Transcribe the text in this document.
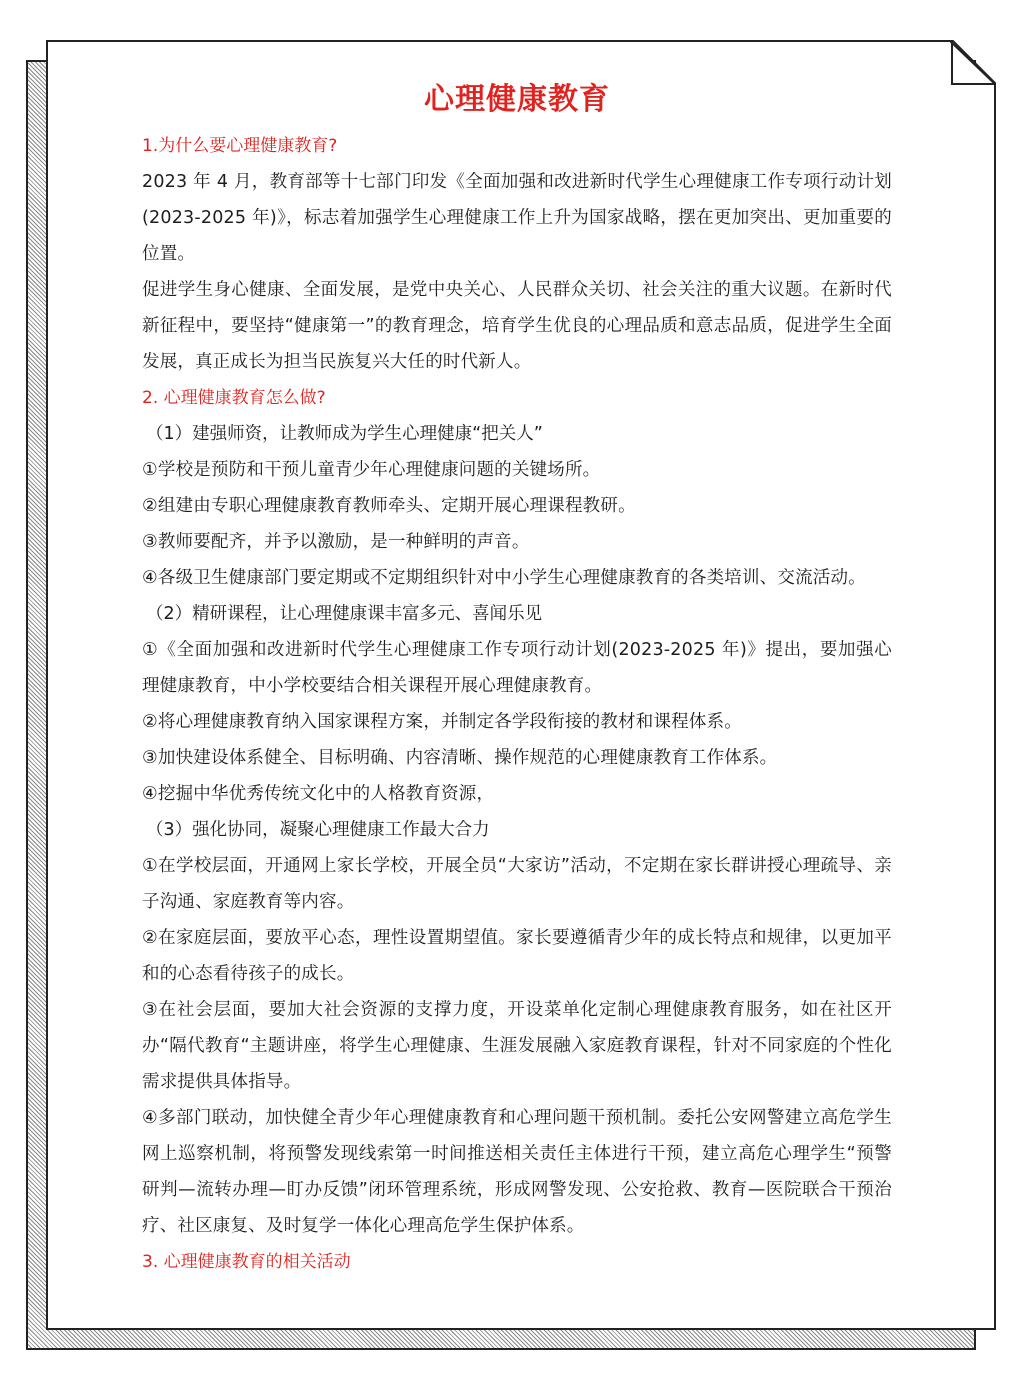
心理健康教育

1.为什么要心理健康教育?

2023 年 4 月，教育部等十七部门印发《全面加强和改进新时代学生心理健康工作专项行动计划(2023-2025 年)》，标志着加强学生心理健康工作上升为国家战略，摆在更加突出、更加重要的位置。

促进学生身心健康、全面发展，是党中央关心、人民群众关切、社会关注的重大议题。在新时代新征程中，要坚持“健康第一”的教育理念，培育学生优良的心理品质和意志品质，促进学生全面发展，真正成长为担当民族复兴大任的时代新人。

2. 心理健康教育怎么做?

（1）建强师资，让教师成为学生心理健康“把关人”

①学校是预防和干预儿童青少年心理健康问题的关键场所。

②组建由专职心理健康教育教师牵头、定期开展心理课程教研。

③教师要配齐，并予以激励，是一种鲜明的声音。

④各级卫生健康部门要定期或不定期组织针对中小学生心理健康教育的各类培训、交流活动。

（2）精研课程，让心理健康课丰富多元、喜闻乐见

①《全面加强和改进新时代学生心理健康工作专项行动计划(2023-2025 年)》提出，要加强心理健康教育，中小学校要结合相关课程开展心理健康教育。

②将心理健康教育纳入国家课程方案，并制定各学段衔接的教材和课程体系。

③加快建设体系健全、目标明确、内容清晰、操作规范的心理健康教育工作体系。

④挖掘中华优秀传统文化中的人格教育资源，

（3）强化协同，凝聚心理健康工作最大合力

①在学校层面，开通网上家长学校，开展全员“大家访”活动，不定期在家长群讲授心理疏导、亲子沟通、家庭教育等内容。

②在家庭层面，要放平心态，理性设置期望值。家长要遵循青少年的成长特点和规律，以更加平和的心态看待孩子的成长。

③在社会层面，要加大社会资源的支撑力度，开设菜单化定制心理健康教育服务，如在社区开办“隔代教育“主题讲座，将学生心理健康、生涯发展融入家庭教育课程，针对不同家庭的个性化需求提供具体指导。

④多部门联动，加快健全青少年心理健康教育和心理问题干预机制。委托公安网警建立高危学生网上巡察机制，将预警发现线索第一时间推送相关责任主体进行干预，建立高危心理学生“预警研判—流转办理—盯办反馈”闭环管理系统，形成网警发现、公安抢救、教育—医院联合干预治疗、社区康复、及时复学一体化心理高危学生保护体系。

3. 心理健康教育的相关活动
